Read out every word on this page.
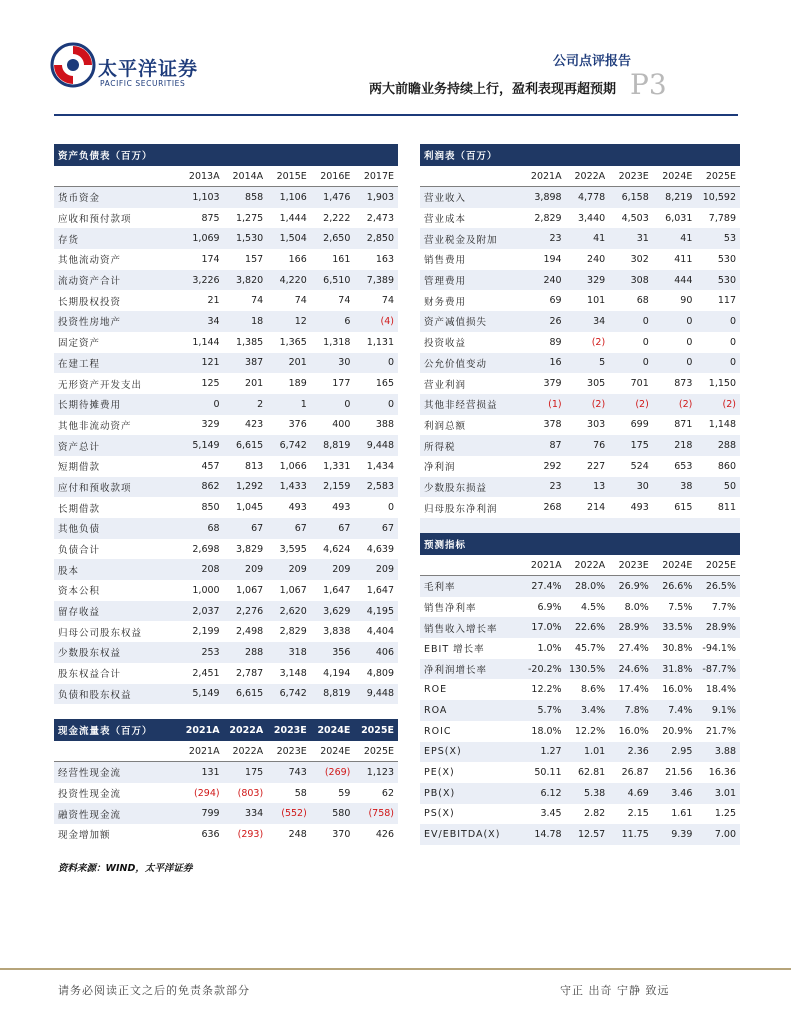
太平洋证券
PACIFIC SECURITIES
公司点评报告
两大前瞻业务持续上行，盈利表现再超预期 P3
资产负债表（百万）					
	2013A	2014A	2015E	2016E	2017E
货币资金	1,103	858	1,106	1,476	1,903
应收和预付款项	875	1,275	1,444	2,222	2,473
存货	1,069	1,530	1,504	2,650	2,850
其他流动资产	174	157	166	161	163
流动资产合计	3,226	3,820	4,220	6,510	7,389
长期股权投资	21	74	74	74	74
投资性房地产	34	18	12	6	(4)
固定资产	1,144	1,385	1,365	1,318	1,131
在建工程	121	387	201	30	0
无形资产开发支出	125	201	189	177	165
长期待摊费用	0	2	1	0	0
其他非流动资产	329	423	376	400	388
资产总计	5,149	6,615	6,742	8,819	9,448
短期借款	457	813	1,066	1,331	1,434
应付和预收款项	862	1,292	1,433	2,159	2,583
长期借款	850	1,045	493	493	0
其他负债	68	67	67	67	67
负债合计	2,698	3,829	3,595	4,624	4,639
股本	208	209	209	209	209
资本公积	1,000	1,067	1,067	1,647	1,647
留存收益	2,037	2,276	2,620	3,629	4,195
归母公司股东权益	2,199	2,498	2,829	3,838	4,404
少数股东权益	253	288	318	356	406
股东权益合计	2,451	2,787	3,148	4,194	4,809
负债和股东权益	5,149	6,615	6,742	8,819	9,448
利润表（百万）					
	2021A	2022A	2023E	2024E	2025E
营业收入	3,898	4,778	6,158	8,219	10,592
营业成本	2,829	3,440	4,503	6,031	7,789
营业税金及附加	23	41	31	41	53
销售费用	194	240	302	411	530
管理费用	240	329	308	444	530
财务费用	69	101	68	90	117
资产减值损失	26	34	0	0	0
投资收益	89	(2)	0	0	0
公允价值变动	16	5	0	0	0
营业利润	379	305	701	873	1,150
其他非经营损益	(1)	(2)	(2)	(2)	(2)
利润总额	378	303	699	871	1,148
所得税	87	76	175	218	288
净利润	292	227	524	653	860
少数股东损益	23	13	30	38	50
归母股东净利润	268	214	493	615	811

预测指标					
	2021A	2022A	2023E	2024E	2025E
毛利率	27.4%	28.0%	26.9%	26.6%	26.5%
销售净利率	6.9%	4.5%	8.0%	7.5%	7.7%
销售收入增长率	17.0%	22.6%	28.9%	33.5%	28.9%
EBIT 增长率	1.0%	45.7%	27.4%	30.8%	-94.1%
净利润增长率	-20.2%	130.5%	24.6%	31.8%	-87.7%
ROE	12.2%	8.6%	17.4%	16.0%	18.4%
ROA	5.7%	3.4%	7.8%	7.4%	9.1%
ROIC	18.0%	12.2%	16.0%	20.9%	21.7%
EPS(X)	1.27	1.01	2.36	2.95	3.88
PE(X)	50.11	62.81	26.87	21.56	16.36
PB(X)	6.12	5.38	4.69	3.46	3.01
PS(X)	3.45	2.82	2.15	1.61	1.25
EV/EBITDA(X)	14.78	12.57	11.75	9.39	7.00
现金流量表（百万）	2021A	2022A	2023E	2024E	2025E
	2021A	2022A	2023E	2024E	2025E
经营性现金流	131	175	743	(269)	1,123
投资性现金流	(294)	(803)	58	59	62
融资性现金流	799	334	(552)	580	(758)
现金增加额	636	(293)	248	370	426
资料来源：WIND，太平洋证券
请务必阅读正文之后的免责条款部分	守正 出奇 宁静 致远
